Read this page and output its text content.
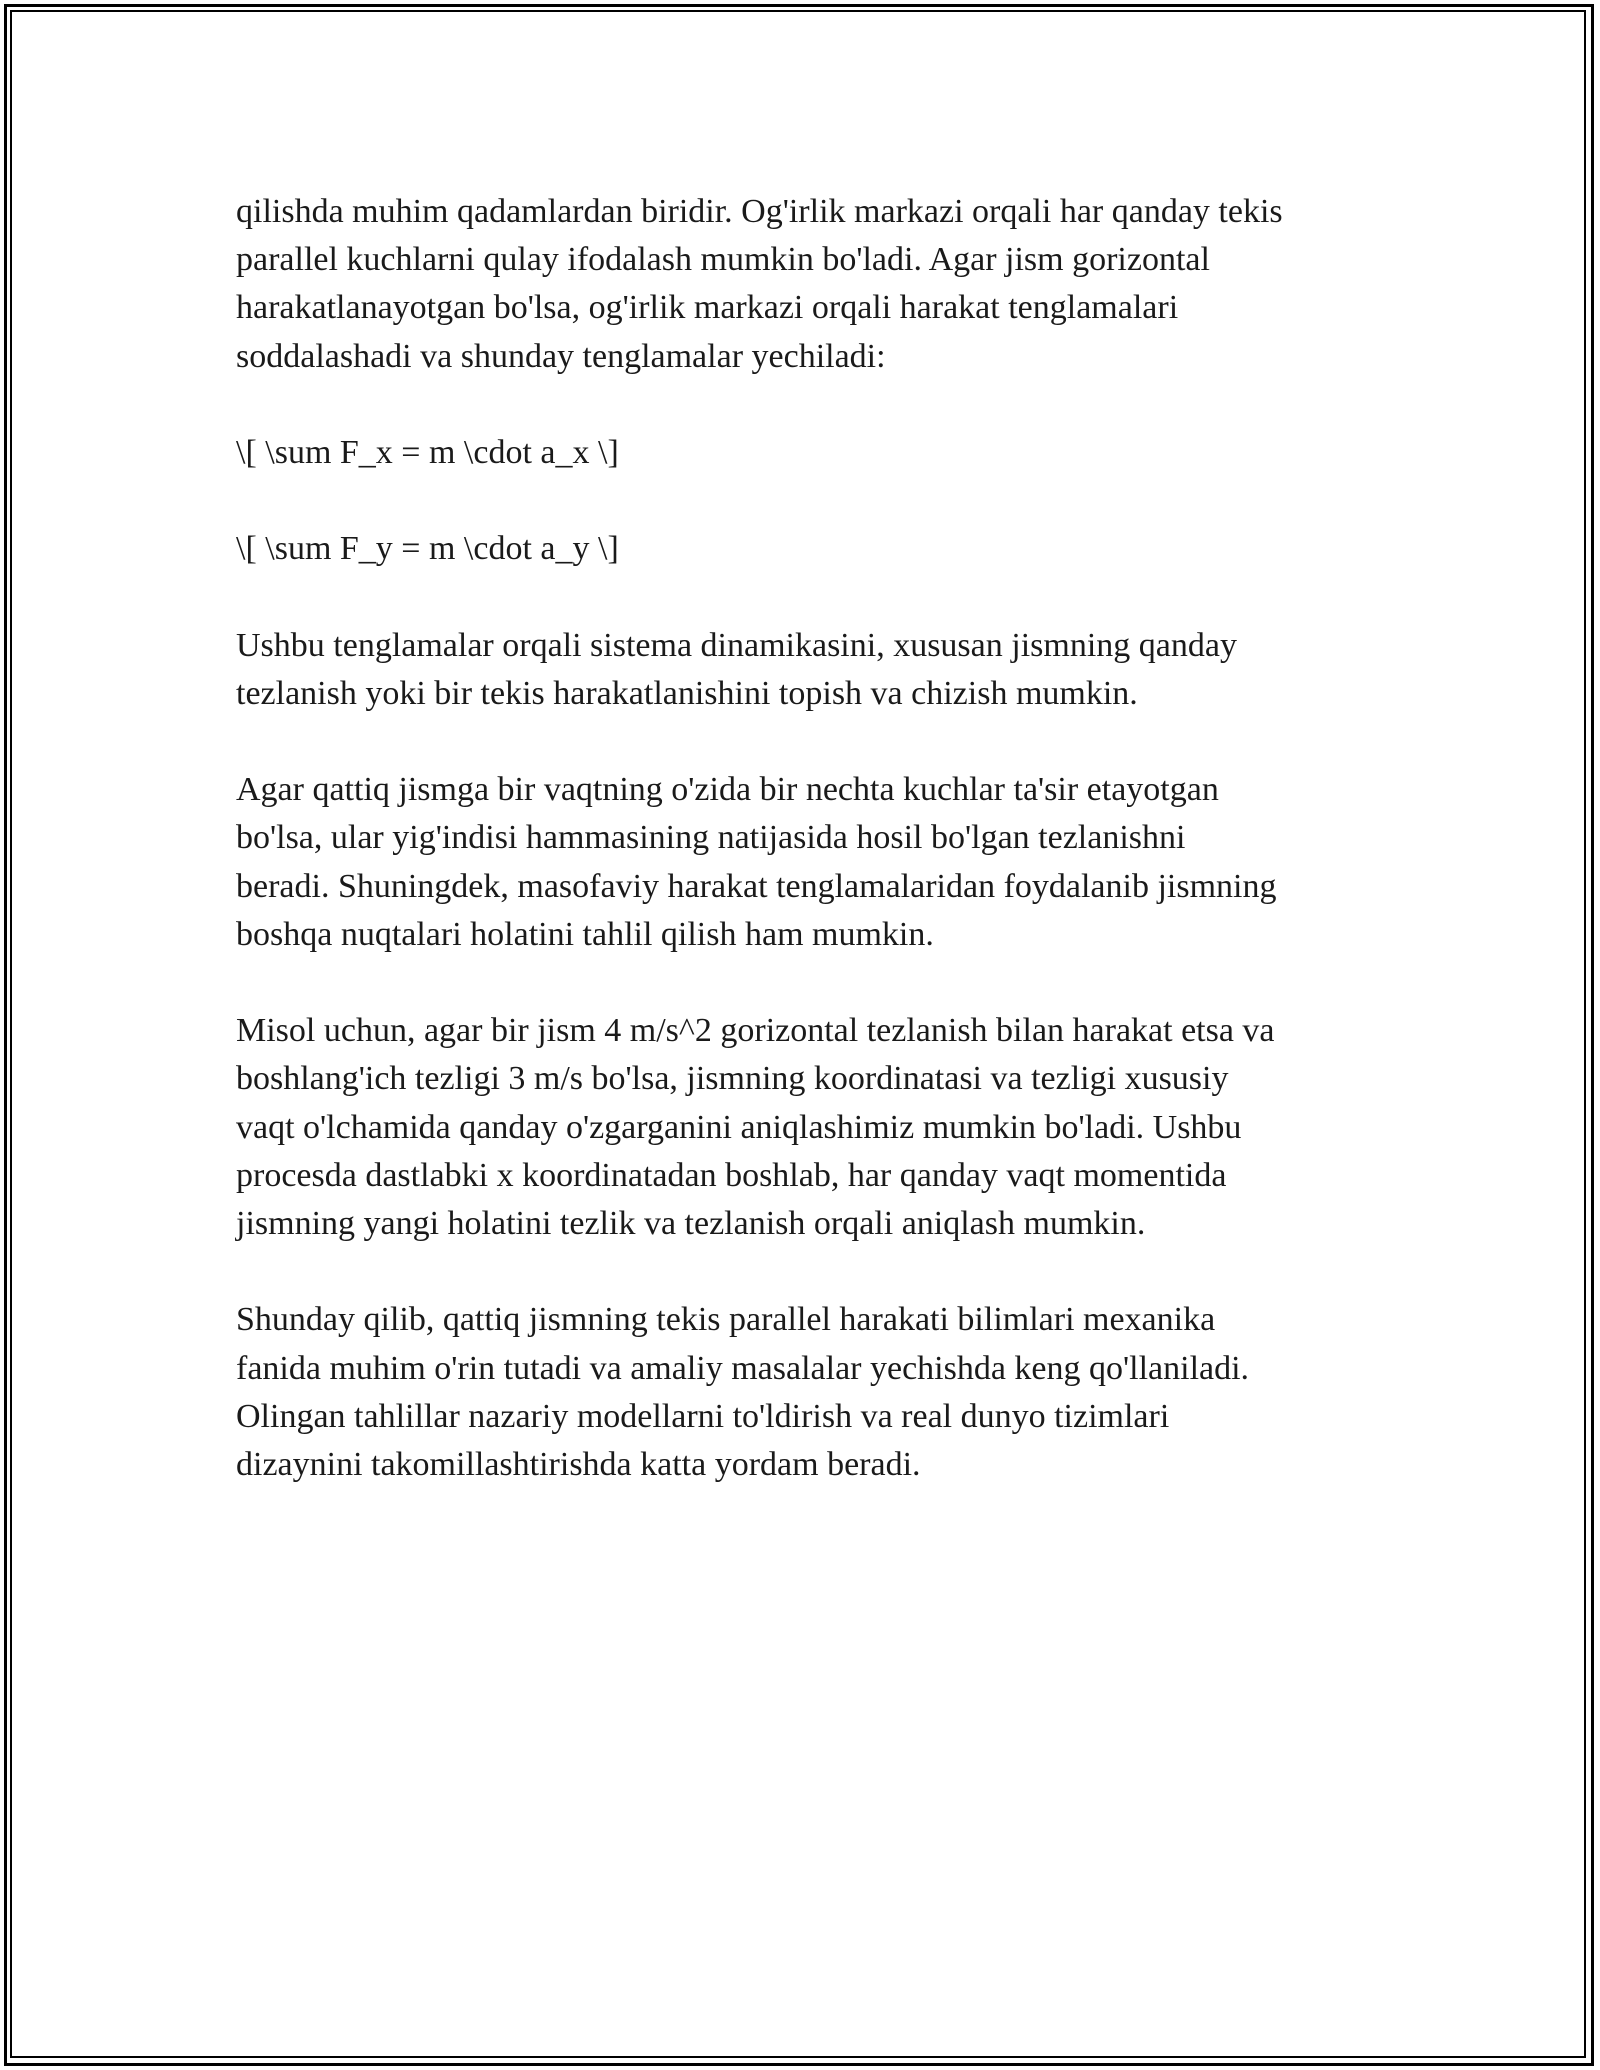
qilishda muhim qadamlardan biridir. Og'irlik markazi orqali har qanday tekis
parallel kuchlarni qulay ifodalash mumkin bo'ladi. Agar jism gorizontal
harakatlanayotgan bo'lsa, og'irlik markazi orqali harakat tenglamalari
soddalashadi va shunday tenglamalar yechiladi:
\[ \sum F_x = m \cdot a_x \]
\[ \sum F_y = m \cdot a_y \]
Ushbu tenglamalar orqali sistema dinamikasini, xususan jismning qanday
tezlanish yoki bir tekis harakatlanishini topish va chizish mumkin.
Agar qattiq jismga bir vaqtning o'zida bir nechta kuchlar ta'sir etayotgan
bo'lsa, ular yig'indisi hammasining natijasida hosil bo'lgan tezlanishni
beradi. Shuningdek, masofaviy harakat tenglamalaridan foydalanib jismning
boshqa nuqtalari holatini tahlil qilish ham mumkin.
Misol uchun, agar bir jism 4 m/s^2 gorizontal tezlanish bilan harakat etsa va
boshlang'ich tezligi 3 m/s bo'lsa, jismning koordinatasi va tezligi xususiy
vaqt o'lchamida qanday o'zgarganini aniqlashimiz mumkin bo'ladi. Ushbu
procesda dastlabki x koordinatadan boshlab, har qanday vaqt momentida
jismning yangi holatini tezlik va tezlanish orqali aniqlash mumkin.
Shunday qilib, qattiq jismning tekis parallel harakati bilimlari mexanika
fanida muhim o'rin tutadi va amaliy masalalar yechishda keng qo'llaniladi.
Olingan tahlillar nazariy modellarni to'ldirish va real dunyo tizimlari
dizaynini takomillashtirishda katta yordam beradi.
